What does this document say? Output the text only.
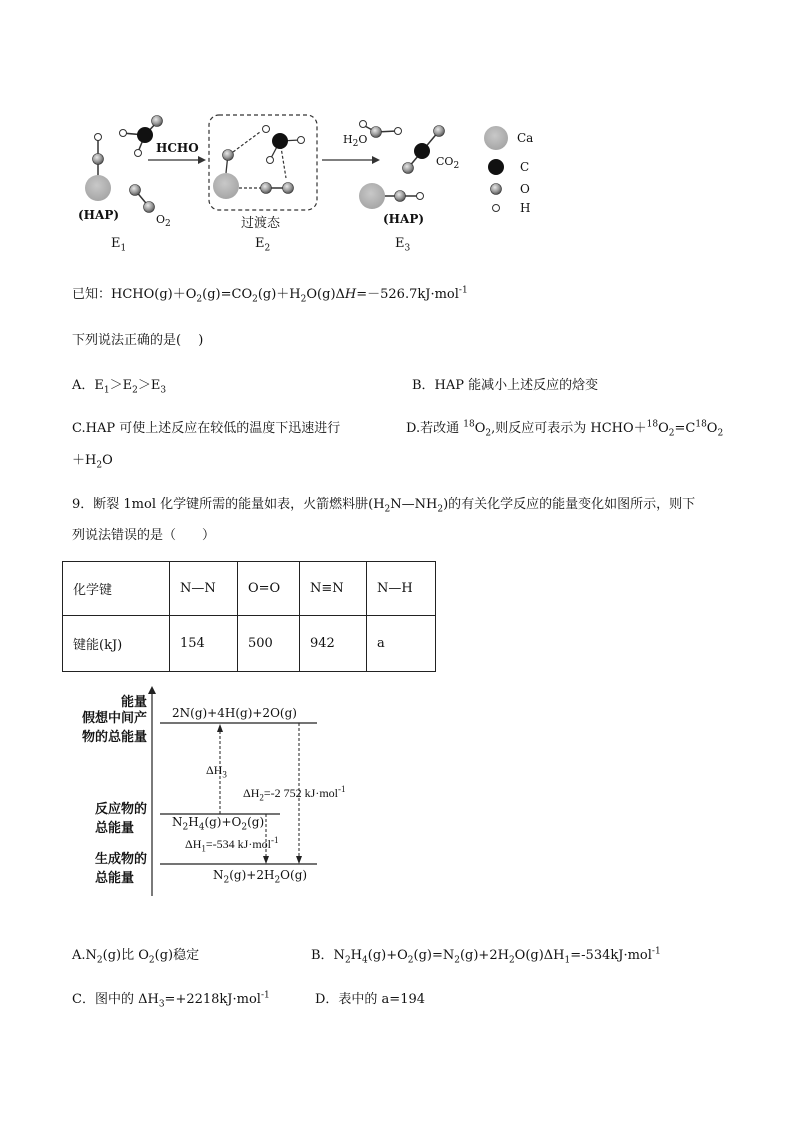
(HAP)	$O_2$
HCHO
过渡态
$H_2O$
$CO_2$
(HAP)
$E_1$	$E_2$	$E_3$
Ca
C
O
H
已知：$HCHO(g)+O_2(g)=CO_2(g)+H_2O(g)\Delta H=-526.7kJ\cdot mol^{-1}$
下列说法正确的是(　 )
A．$E_1>E_2>E_3$	B．HAP 能减小上述反应的焓变
C.HAP 可使上述反应在较低的温度下迅速进行	D.若改通 $^{18}O_2$,则反应可表示为 $HCHO+^{18}O_2=C^{18}O_2$
$+H_2O$
9．断裂 1mol 化学键所需的能量如表，火箭燃料肼$(H_2N—NH_2)$的有关化学反应的能量变化如图所示，则下
列说法错误的是（　　）
化学键	N—N	O=O	N≡N	N—H
键能(kJ)	154	500	942	a
能量
假想中间产
物的总能量
反应物的
总能量
生成物的
总能量
2N(g)+4H(g)+2O(g)
$N_2H_4(g)+O_2(g)$
$N_2(g)+2H_2O(g)$
$\Delta H_3$
$\Delta H_2=-2$ 752 kJ·mol$^{-1}$
$\Delta H_1=-534$ kJ·mol$^{-1}$
$A.N_2(g)$比 $O_2(g)$稳定	B．$N_2H_4(g)+O_2(g)=N_2(g)+2H_2O(g)\Delta H_1=-534kJ\cdot mol^{-1}$
C．图中的 $\Delta H_3=+2218kJ\cdot mol^{-1}$	D．表中的 a=194
